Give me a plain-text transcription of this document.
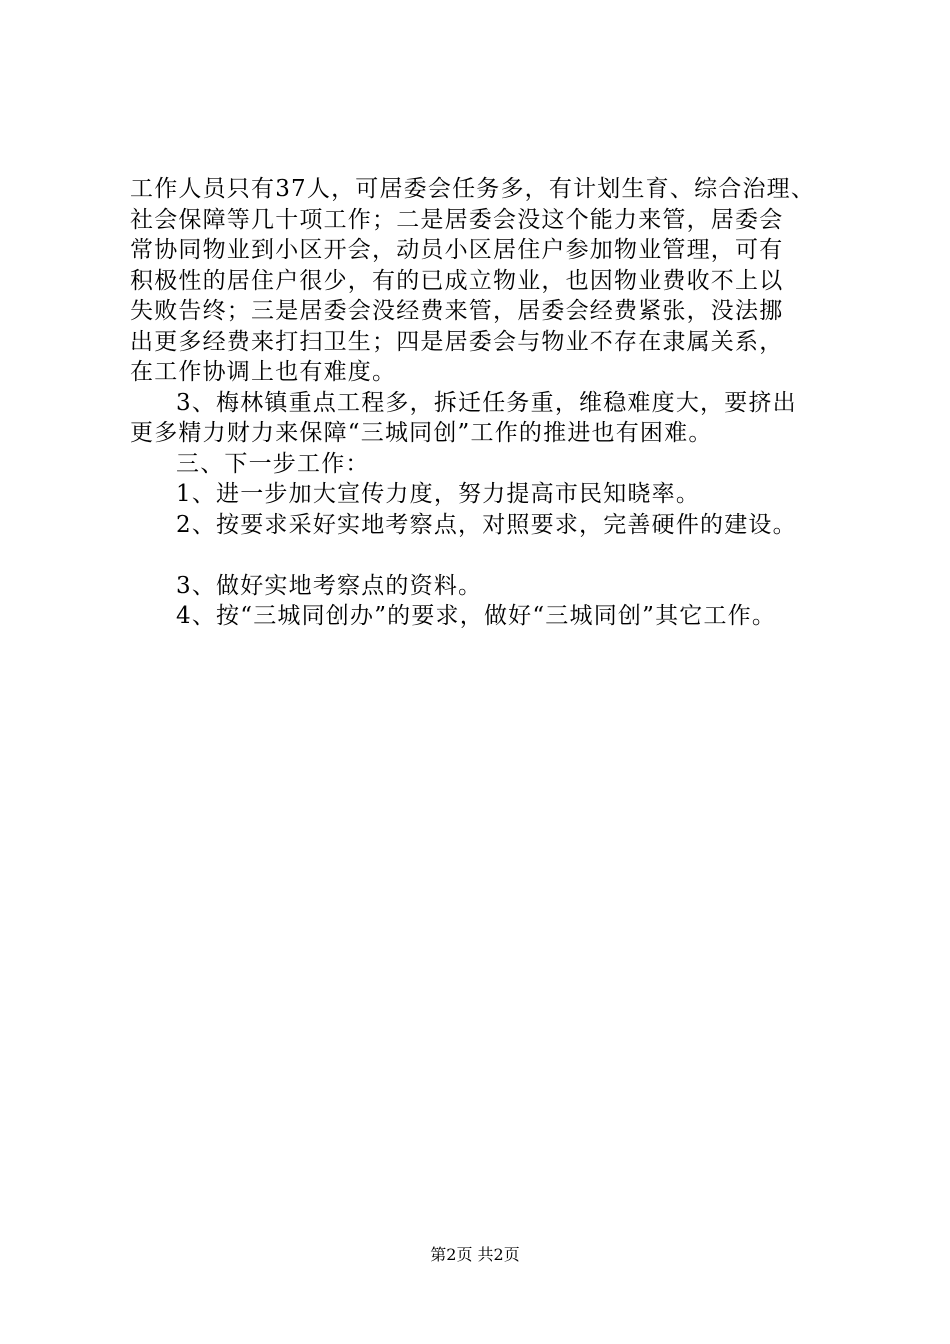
工作人员只有37人，可居委会任务多，有计划生育、综合治理、
社会保障等几十项工作；二是居委会没这个能力来管，居委会
常协同物业到小区开会，动员小区居住户参加物业管理，可有
积极性的居住户很少，有的已成立物业，也因物业费收不上以
失败告终；三是居委会没经费来管，居委会经费紧张，没法挪
出更多经费来打扫卫生；四是居委会与物业不存在隶属关系，
在工作协调上也有难度。
3、梅林镇重点工程多，拆迁任务重，维稳难度大，要挤出
更多精力财力来保障“三城同创”工作的推进也有困难。
三、下一步工作：
1、进一步加大宣传力度，努力提高市民知晓率。
2、按要求采好实地考察点，对照要求，完善硬件的建设。
3、做好实地考察点的资料。
4、按“三城同创办”的要求，做好“三城同创”其它工作。
第2页 共2页
